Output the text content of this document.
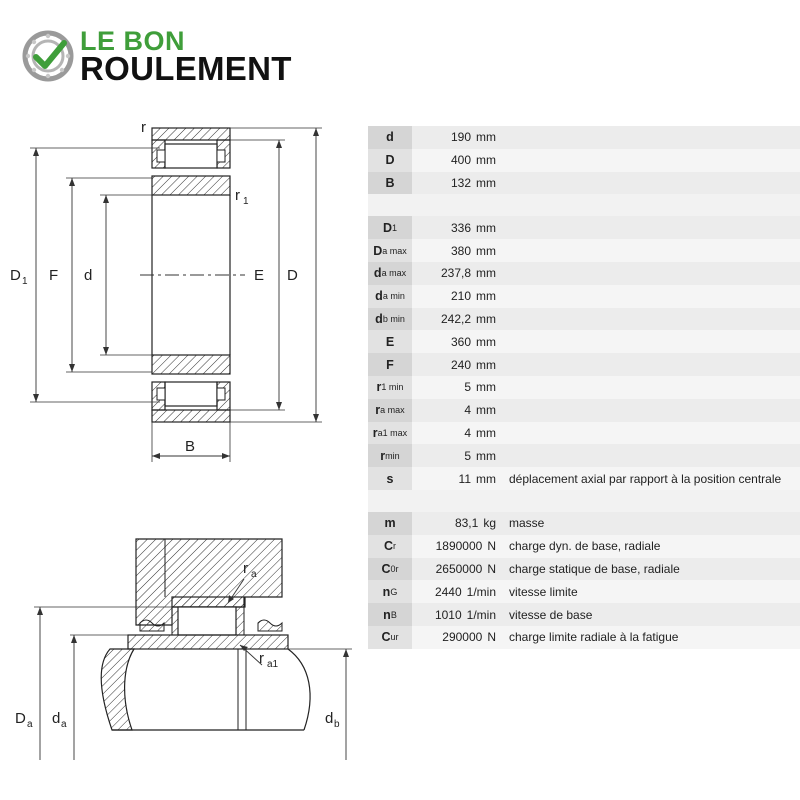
LE BON
ROULEMENT
r
r 1
D 1 F d	E D
B
r a
r a1
D a d a	d b
d	190 mm
D	400 mm
B	132 mm
D 1	336 mm
D a max	380 mm
d a max	237,8 mm
d a min	210 mm
d b min	242,2 mm
E	360 mm
F	240 mm
r 1 min	5 mm
r a max	4 mm
r a1 max	4 mm
r min	5 mm
s	11 mm	déplacement axial par rapport à la position centrale
m	83,1 kg	masse
C r	1890000 N	charge dyn. de base, radiale
C 0r	2650000 N	charge statique de base, radiale
n G	2440 1/min	vitesse limite
n B	1010 1/min	vitesse de base
C ur	290000 N	charge limite radiale à la fatigue
